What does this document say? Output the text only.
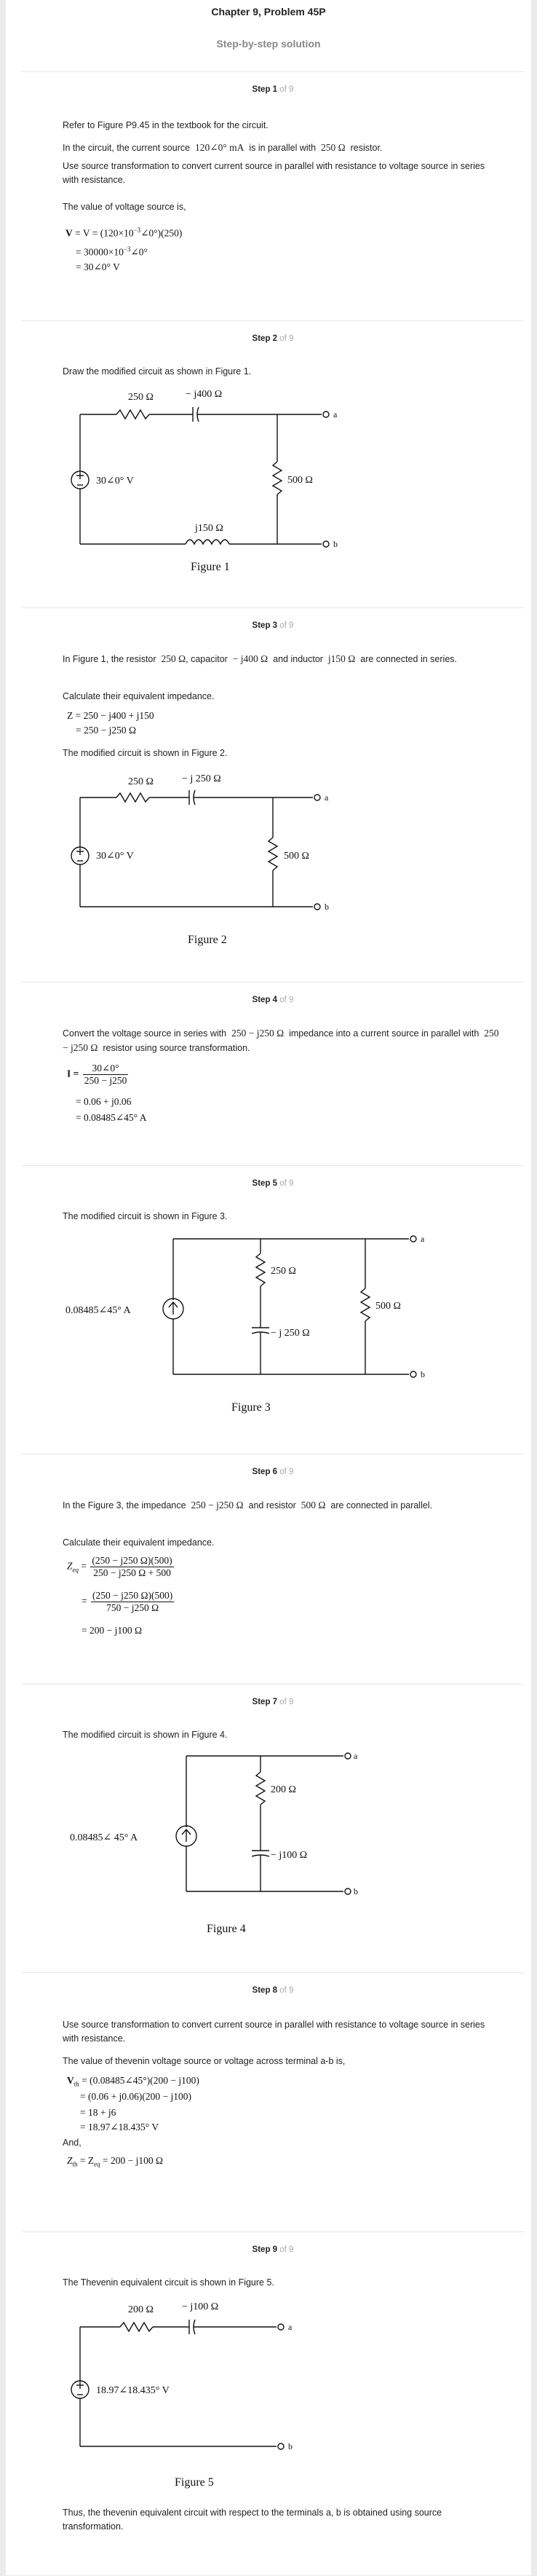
Chapter 9, Problem 45P
Step-by-step solution
Step 1 of 9
Refer to Figure P9.45 in the textbook for the circuit.
In the circuit, the current source 120∠0° mA is in parallel with 250 Ω resistor.
Use source transformation to convert current source in parallel with resistance to voltage source in series with resistance.
The value of voltage source is,
$V = V = (120\times 10^{-3}\angle 0^\circ)(250)$
= $30000\times 10^{-3}\angle 0^\circ$
= 30∠0° V
Step 2 of 9
Draw the modified circuit as shown in Figure 1.
250 Ω	− j400 Ω
30∠0° V	500 Ω
j150 Ω
a
b
Figure 1
Step 3 of 9
In Figure 1, the resistor 250 Ω, capacitor − j400 Ω and inductor j150 Ω are connected in series.
Calculate their equivalent impedance.
Z = 250 − j400 + j150
= 250 − j250 Ω
The modified circuit is shown in Figure 2.
250 Ω	− j 250 Ω
30∠0° V	500 Ω
a
b
Figure 2
Step 4 of 9
Convert the voltage source in series with 250 − j250 Ω impedance into a current source in parallel with 250 − j250 Ω resistor using source transformation.
$I = \frac{30\angle 0^\circ}{250 - j250}$
= 0.06 + j0.06
= 0.08485∠45° A
Step 5 of 9
The modified circuit is shown in Figure 3.
0.08485∠45° A
250 Ω
− j 250 Ω
500 Ω
a
b
Figure 3
Step 6 of 9
In the Figure 3, the impedance 250 − j250 Ω and resistor 500 Ω are connected in parallel.
Calculate their equivalent impedance.
$Z_{eq} = \frac{(250 - j250 \Omega)(500)}{250 - j250 \Omega + 500}$
= $\frac{(250 - j250 \Omega)(500)}{750 - j250 \Omega}$
= 200 − j100 Ω
Step 7 of 9
The modified circuit is shown in Figure 4.
0.08485∠ 45° A
200 Ω
− j100 Ω
a
b
Figure 4
Step 8 of 9
Use source transformation to convert current source in parallel with resistance to voltage source in series with resistance.
The value of thevenin voltage source or voltage across terminal a-b is,
$V_{th}$ = (0.08485∠45°)(200 − j100)
= (0.06 + j0.06)(200 − j100)
= 18 + j6
= 18.97∠18.435° V
And,
$Z_{th} = Z_{eq} = 200 - j100$ Ω
Step 9 of 9
The Thevenin equivalent circuit is shown in Figure 5.
200 Ω	− j100 Ω
18.97∠18.435° V
a
b
Figure 5
Thus, the thevenin equivalent circuit with respect to the terminals a, b is obtained using source transformation.
